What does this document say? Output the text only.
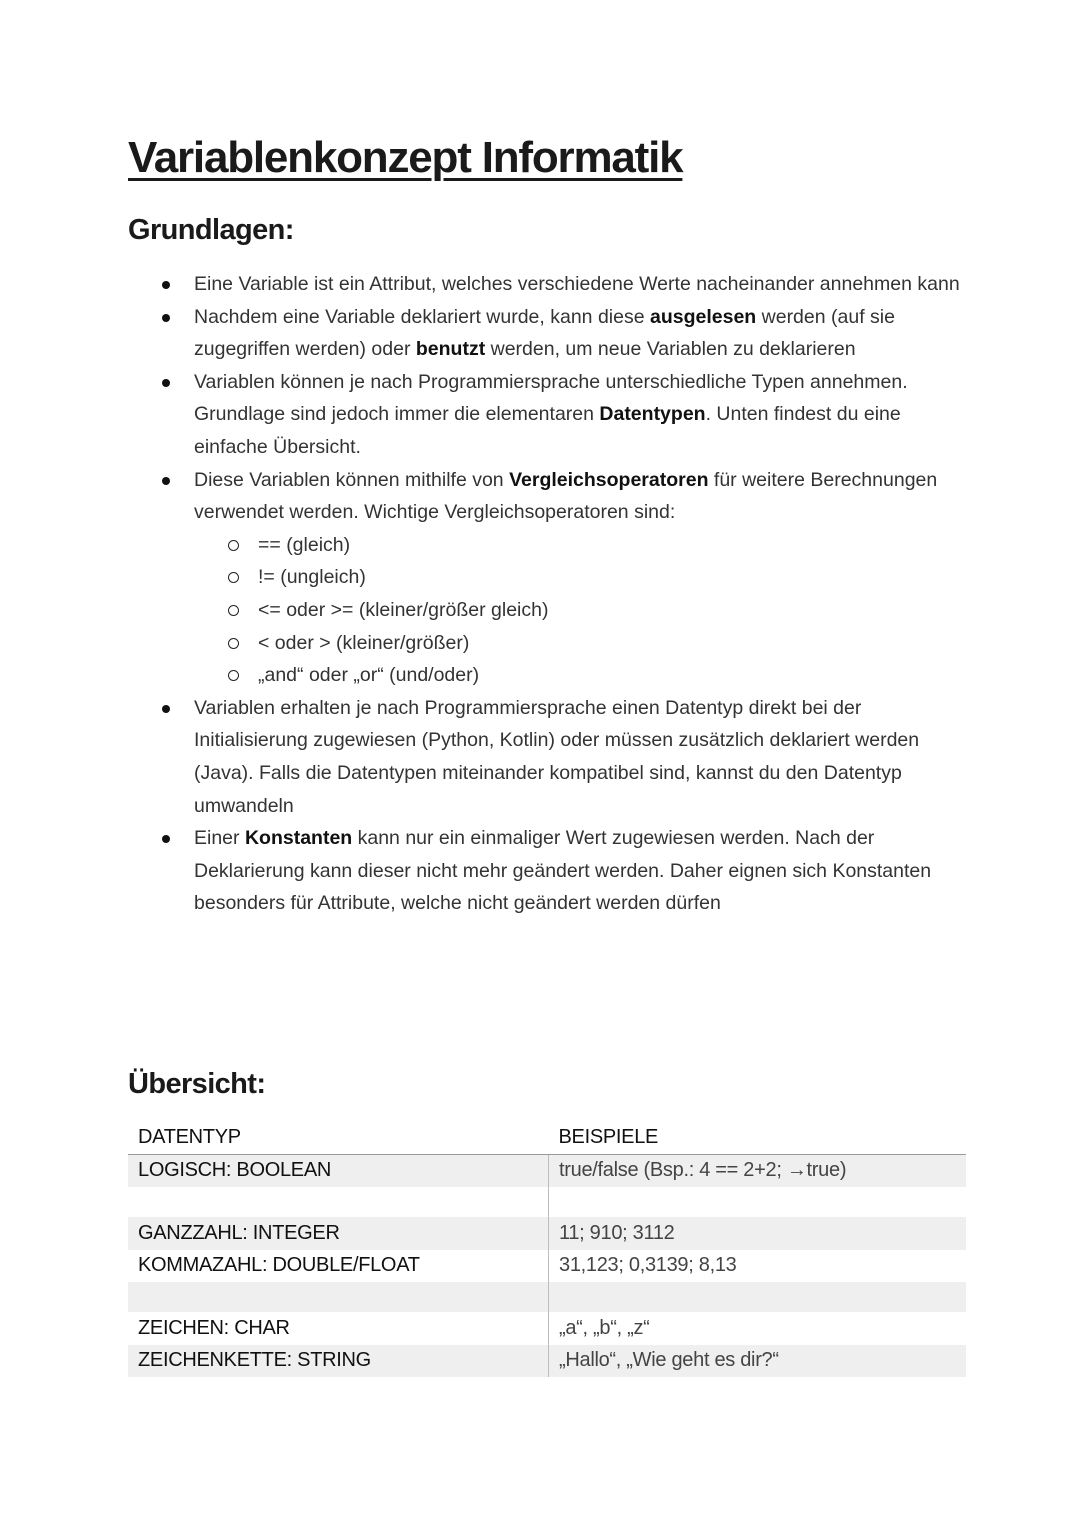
Variablenkonzept Informatik
Grundlagen:
Eine Variable ist ein Attribut, welches verschiedene Werte nacheinander annehmen kann
Nachdem eine Variable deklariert wurde, kann diese ausgelesen werden (auf sie zugegriffen werden) oder benutzt werden, um neue Variablen zu deklarieren
Variablen können je nach Programmiersprache unterschiedliche Typen annehmen. Grundlage sind jedoch immer die elementaren Datentypen. Unten findest du eine einfache Übersicht.
Diese Variablen können mithilfe von Vergleichsoperatoren für weitere Berechnungen verwendet werden. Wichtige Vergleichsoperatoren sind:
== (gleich)
!= (ungleich)
<= oder >= (kleiner/größer gleich)
< oder > (kleiner/größer)
„and“ oder „or“ (und/oder)
Variablen erhalten je nach Programmiersprache einen Datentyp direkt bei der Initialisierung zugewiesen (Python, Kotlin) oder müssen zusätzlich deklariert werden (Java). Falls die Datentypen miteinander kompatibel sind, kannst du den Datentyp umwandeln
Einer Konstanten kann nur ein einmaliger Wert zugewiesen werden. Nach der Deklarierung kann dieser nicht mehr geändert werden. Daher eignen sich Konstanten besonders für Attribute, welche nicht geändert werden dürfen
Übersicht:
DATENTYP	BEISPIELE
LOGISCH: BOOLEAN	true/false (Bsp.: 4 == 2+2; →true)

GANZZAHL: INTEGER	11; 910; 3112
KOMMAZAHL: DOUBLE/FLOAT	31,123; 0,3139; 8,13

ZEICHEN: CHAR	„a“, „b“, „z“
ZEICHENKETTE: STRING	„Hallo“, „Wie geht es dir?“
